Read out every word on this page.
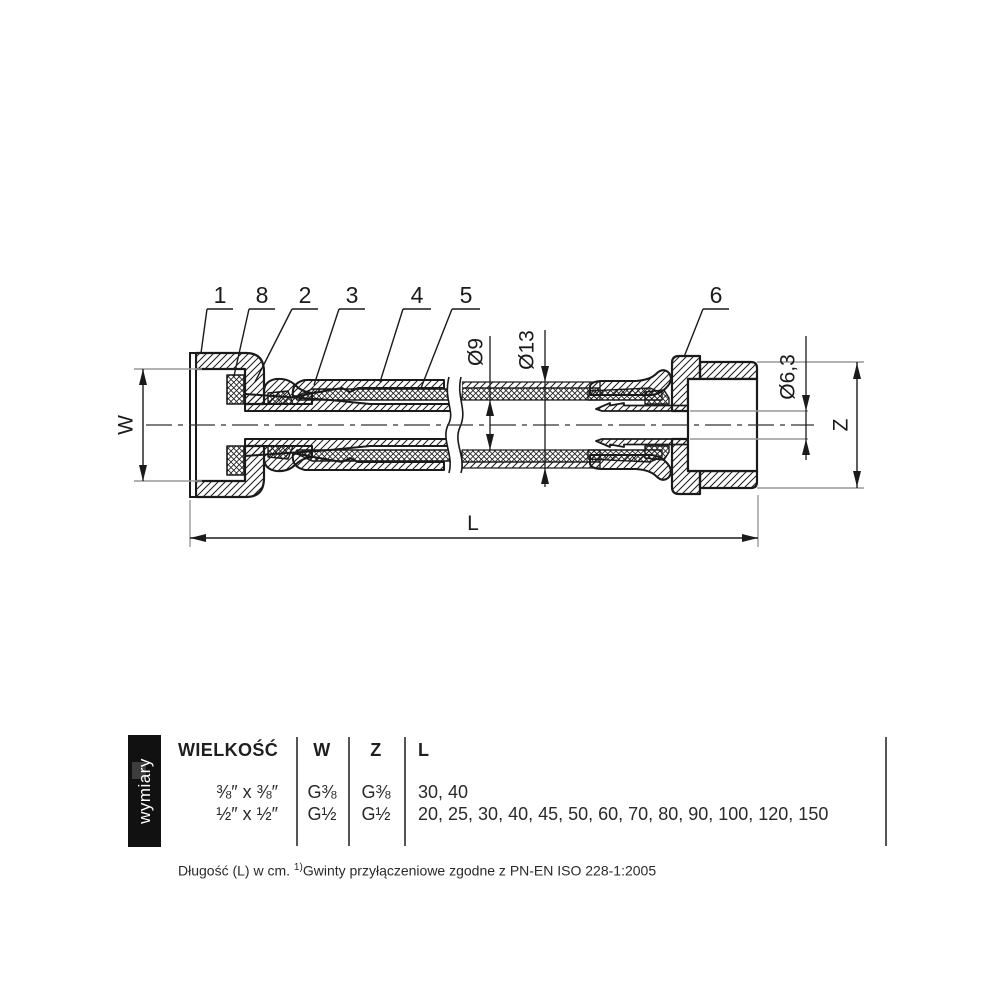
W
L
Z
Ø9 Ø13
Ø6,3
1 8 2 3 4 5	6
wymiary
WIELKOŚĆ	W	Z	L
⅜″ x ⅜″	G⅜	G⅜	30, 40
½″ x ½″	G½	G½	20, 25, 30, 40, 45, 50, 60, 70, 80, 90, 100, 120, 150
Długość (L) w cm. $^{1)}$Gwinty przyłączeniowe zgodne z PN-EN ISO 228-1:2005
